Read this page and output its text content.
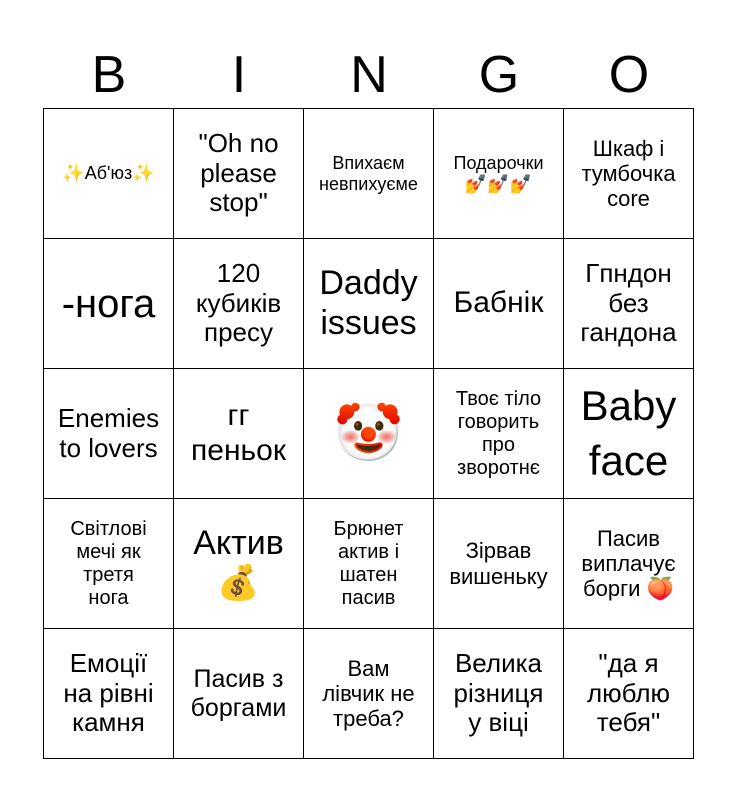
B	I	N	G	O
✨Аб'юз✨
"Oh no
please
stop"
Впихаєм
невпихуєме
Подарочки
💅💅💅
Шкаф і
тумбочка
core
-нога
120
кубиків
пресу
Daddy
issues
Бабнік
Гпндон
без
гандона
Enemies
to lovers
гг
пеньок 🤡
Твоє тіло
говорить
про
зворотнє
Baby
face
Світлові
мечі як
третя
нога
Актив
💰
Брюнет
актив і
шатен
пасив
Зірвав
вишеньку
Пасив
виплачує
борги 🍑
Емоції
на рівні
камня
Пасив з
боргами
Вам
лівчик не
треба?
Велика
різниця
у віці
"да я
люблю
тебя"
